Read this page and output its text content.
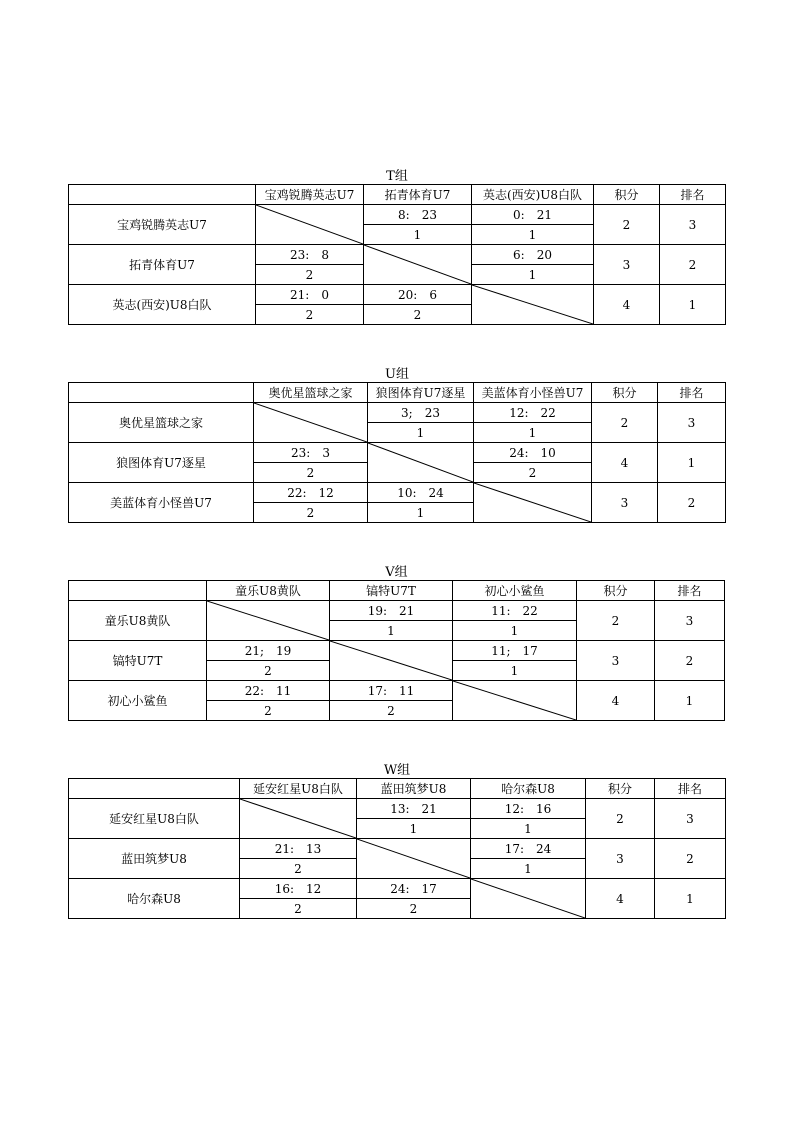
T组
	宝鸡锐腾英志U7	拓青体育U7	英志(西安)U8白队	积分	排名
宝鸡锐腾英志U7		8: 23	0: 21	2	3
		1	1		
拓青体育U7	23: 8		6: 20	3	2
	2		1		
英志(西安)U8白队	21: 0	20: 6		4	1
	2	2			
U组
	奥优星篮球之家	狼图体育U7逐星	美蓝体育小怪兽U7	积分	排名
奥优星篮球之家		3; 23	12: 22	2	3
		1	1		
狼图体育U7逐星	23: 3		24: 10	4	1
	2		2		
美蓝体育小怪兽U7	22: 12	10: 24		3	2
	2	1			
V组
	童乐U8黄队	镐特U7T	初心小鲨鱼	积分	排名
童乐U8黄队		19: 21	11: 22	2	3
		1	1		
镐特U7T	21; 19		11; 17	3	2
	2		1		
初心小鲨鱼	22: 11	17: 11		4	1
	2	2			
W组
	延安红星U8白队	蓝田筑梦U8	哈尔森U8	积分	排名
延安红星U8白队		13: 21	12: 16	2	3
		1	1		
蓝田筑梦U8	21: 13		17: 24	3	2
	2		1		
哈尔森U8	16: 12	24: 17		4	1
	2	2			
